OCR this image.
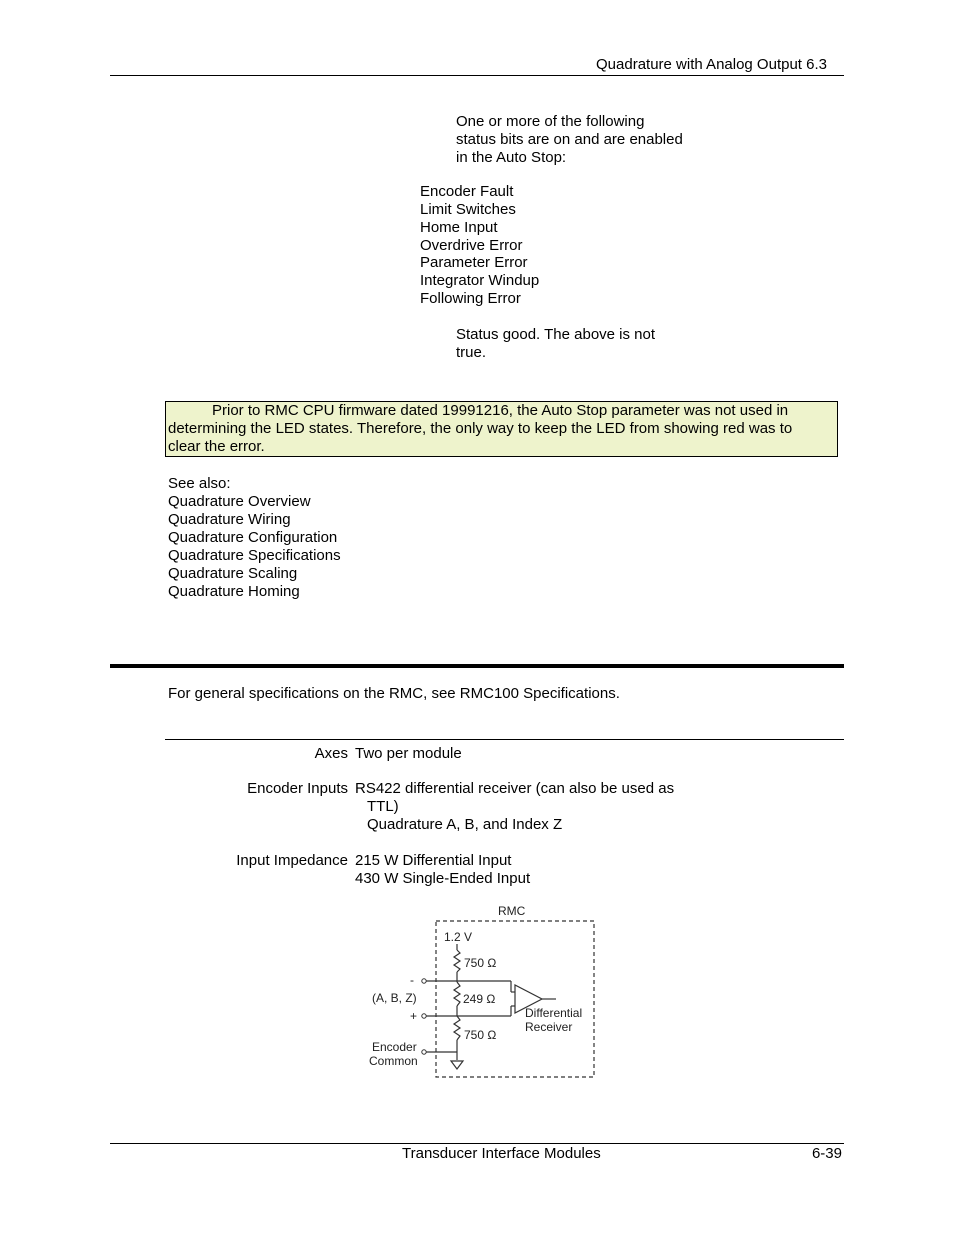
Quadrature with Analog Output 6.3
One or more of the following
status bits are on and are enabled
in the Auto Stop:
Encoder Fault
Limit Switches
Home Input
Overdrive Error
Parameter Error
Integrator Windup
Following Error
Status good. The above is not
true.

Prior to RMC CPU firmware dated 19991216, the Auto Stop parameter was not used in

determining the LED states. Therefore, the only way to keep the LED from showing red was to

clear the error.

See also:
Quadrature Overview
Quadrature Wiring
Quadrature Configuration
Quadrature Specifications
Quadrature Scaling
Quadrature Homing
For general specifications on the RMC, see RMC100 Specifications.
Axes Two per module
Encoder Inputs RS422 differential receiver (can also be used as
TTL)
Quadrature A, B, and Index Z
Input Impedance 215 W Differential Input
430 W Single-Ended Input
RMC
1.2 V
750 Ω
249 Ω
750 Ω
-
(A, B, Z)
+
Encoder
Common
Differential
Receiver
Transducer Interface Modules	6-39
